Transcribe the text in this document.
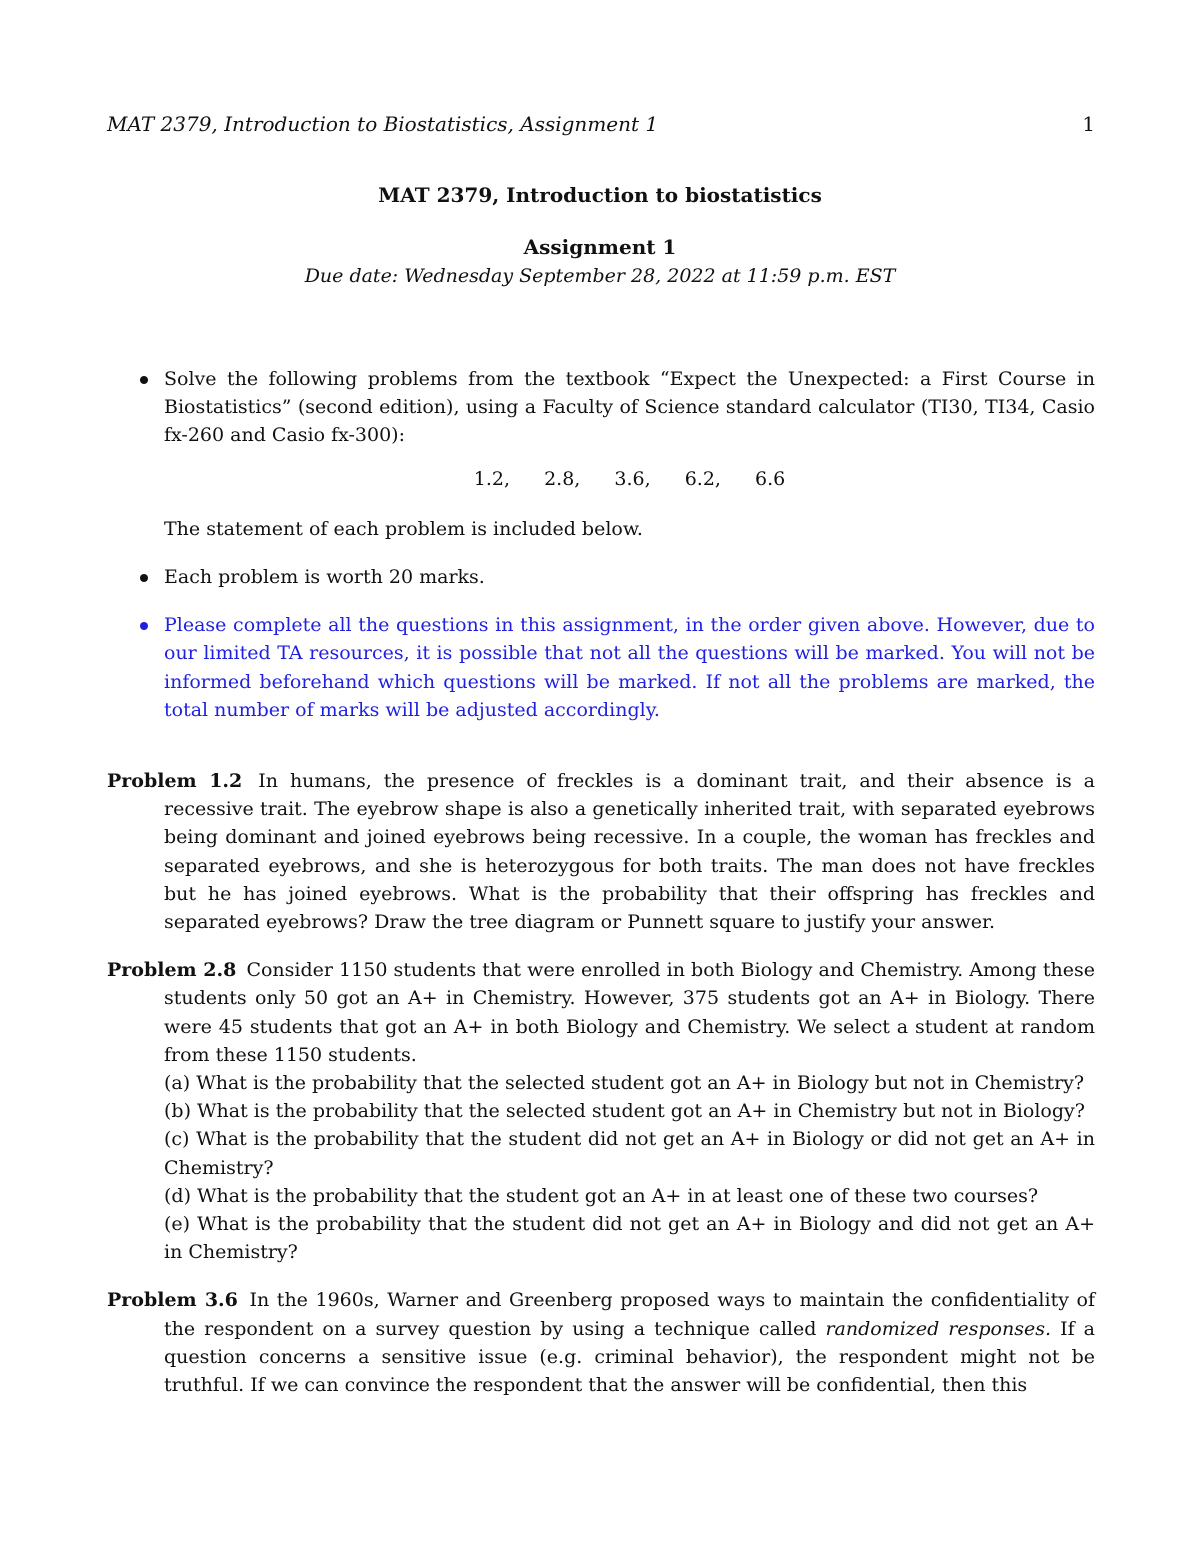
MAT 2379, Introduction to Biostatistics, Assignment 1	1
MAT 2379, Introduction to biostatistics
Assignment 1
Due date: Wednesday September 28, 2022 at 11:59 p.m. EST
Solve the following problems from the textbook “Expect the Unexpected: a First Course in Biostatistics” (second edition), using a Faculty of Science standard calculator (TI30, TI34, Casio fx-260 and Casio fx-300):
1.2, 2.8, 3.6, 6.2, 6.6
The statement of each problem is included below.
Each problem is worth 20 marks.
Please complete all the questions in this assignment, in the order given above. However, due to our limited TA resources, it is possible that not all the questions will be marked. You will not be informed beforehand which questions will be marked. If not all the problems are marked, the total number of marks will be adjusted accordingly.
Problem 1.2 In humans, the presence of freckles is a dominant trait, and their absence is a recessive trait. The eyebrow shape is also a genetically inherited trait, with separated eyebrows being dominant and joined eyebrows being recessive. In a couple, the woman has freckles and separated eyebrows, and she is heterozygous for both traits. The man does not have freckles but he has joined eyebrows. What is the probability that their offspring has freckles and separated eyebrows? Draw the tree diagram or Punnett square to justify your answer.
Problem 2.8 Consider 1150 students that were enrolled in both Biology and Chemistry. Among these students only 50 got an A+ in Chemistry. However, 375 students got an A+ in Biology. There were 45 students that got an A+ in both Biology and Chemistry. We select a student at random from these 1150 students.
(a) What is the probability that the selected student got an A+ in Biology but not in Chemistry?
(b) What is the probability that the selected student got an A+ in Chemistry but not in Biology?
(c) What is the probability that the student did not get an A+ in Biology or did not get an A+ in Chemistry?
(d) What is the probability that the student got an A+ in at least one of these two courses?
(e) What is the probability that the student did not get an A+ in Biology and did not get an A+ in Chemistry?
Problem 3.6 In the 1960s, Warner and Greenberg proposed ways to maintain the confidentiality of the respondent on a survey question by using a technique called randomized responses. If a question concerns a sensitive issue (e.g. criminal behavior), the respondent might not be truthful. If we can convince the respondent that the answer will be confidential, then this
